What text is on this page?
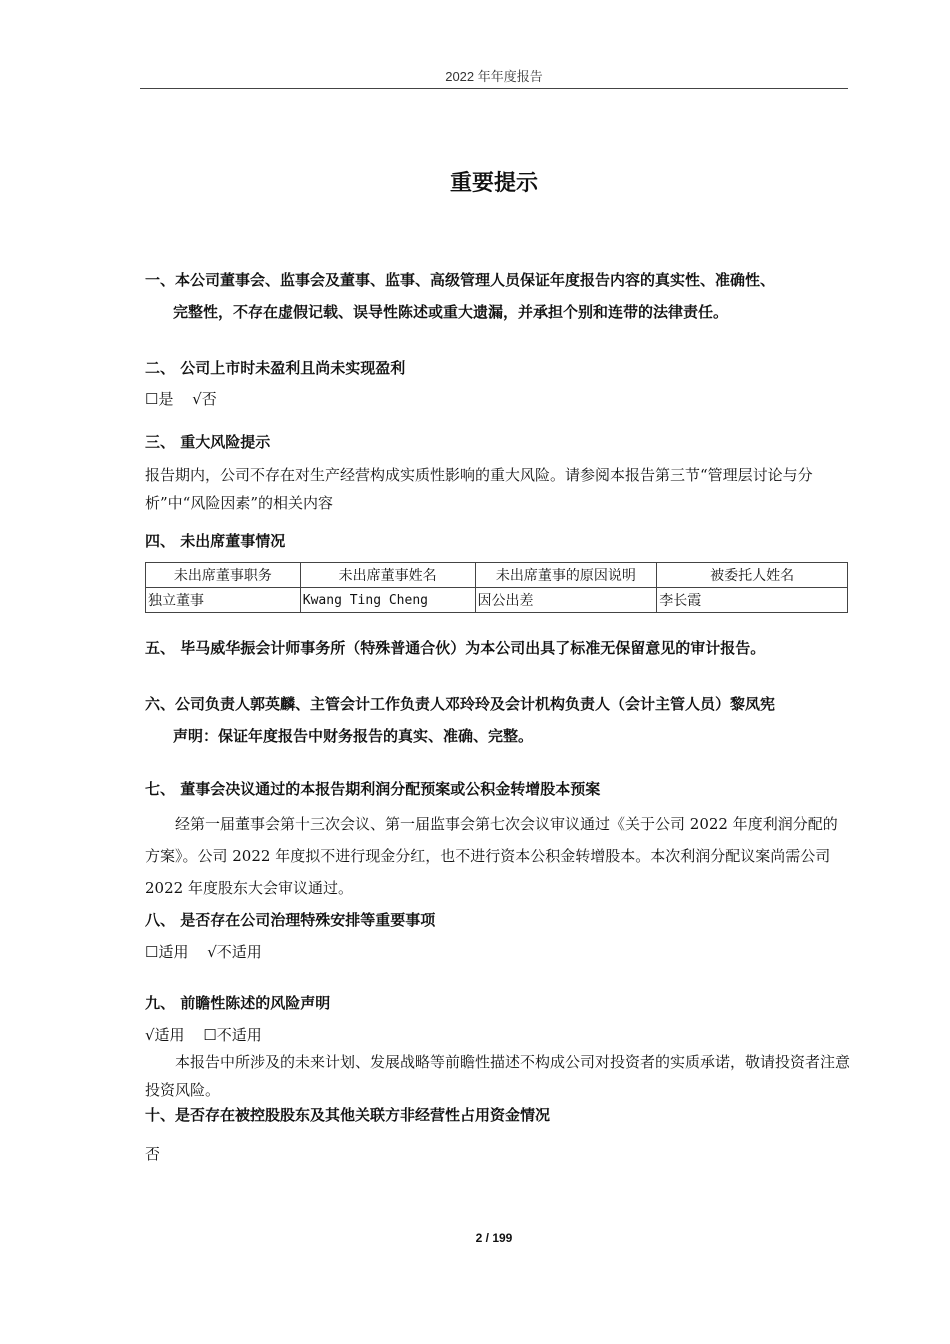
2022 年年度报告
重要提示
一、本公司董事会、监事会及董事、监事、高级管理人员保证年度报告内容的真实性、准确性、
完整性，不存在虚假记载、误导性陈述或重大遗漏，并承担个别和连带的法律责任。
二、 公司上市时未盈利且尚未实现盈利
☐是 √否
三、 重大风险提示
报告期内，公司不存在对生产经营构成实质性影响的重大风险。请参阅本报告第三节“管理层讨论与分析”中“风险因素”的相关内容
四、 未出席董事情况
未出席董事职务	未出席董事姓名	未出席董事的原因说明	被委托人姓名
独立董事	Kwang Ting Cheng	因公出差	李长霞
五、 毕马威华振会计师事务所（特殊普通合伙）为本公司出具了标准无保留意见的审计报告。
六、公司负责人郭英麟、主管会计工作负责人邓玲玲及会计机构负责人（会计主管人员）黎凤宪
声明：保证年度报告中财务报告的真实、准确、完整。
七、 董事会决议通过的本报告期利润分配预案或公积金转增股本预案
经第一届董事会第十三次会议、第一届监事会第七次会议审议通过《关于公司 2022 年度利润分配的方案》。公司 2022 年度拟不进行现金分红，也不进行资本公积金转增股本。本次利润分配议案尚需公司 2022 年度股东大会审议通过。
八、 是否存在公司治理特殊安排等重要事项
☐适用 √不适用
九、 前瞻性陈述的风险声明
√适用 ☐不适用
本报告中所涉及的未来计划、发展战略等前瞻性描述不构成公司对投资者的实质承诺，敬请投资者注意投资风险。
十、是否存在被控股股东及其他关联方非经营性占用资金情况
否
2 / 199
